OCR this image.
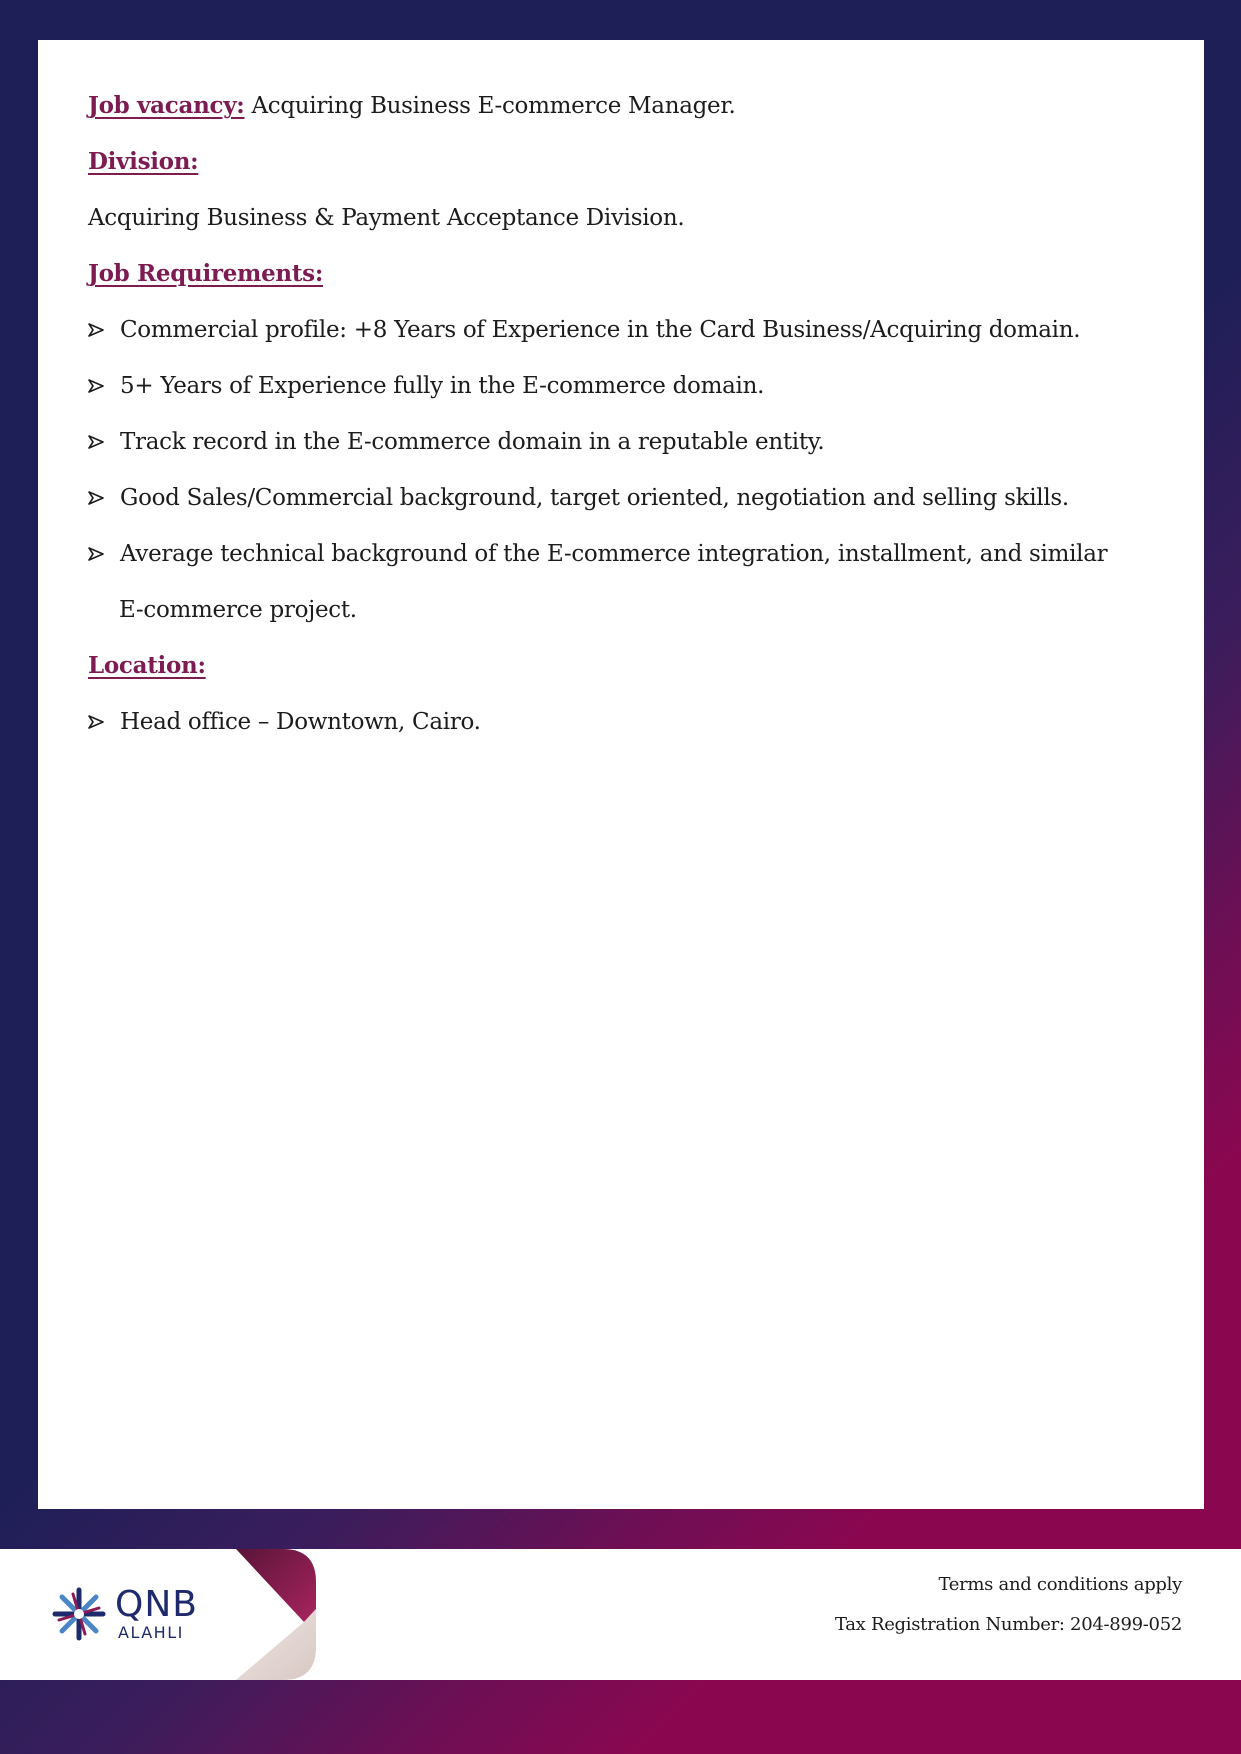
Job vacancy: Acquiring Business E-commerce Manager.
Division:
Acquiring Business & Payment Acceptance Division.
Job Requirements:
Commercial profile: +8 Years of Experience in the Card Business/Acquiring domain.
5+ Years of Experience fully in the E-commerce domain.
Track record in the E-commerce domain in a reputable entity.
Good Sales/Commercial background, target oriented, negotiation and selling skills.
Average technical background of the E-commerce integration, installment, and similar
E-commerce project.
Location:
Head office – Downtown, Cairo.
QNB
ALAHLI
Terms and conditions apply
Tax Registration Number: 204-899-052
